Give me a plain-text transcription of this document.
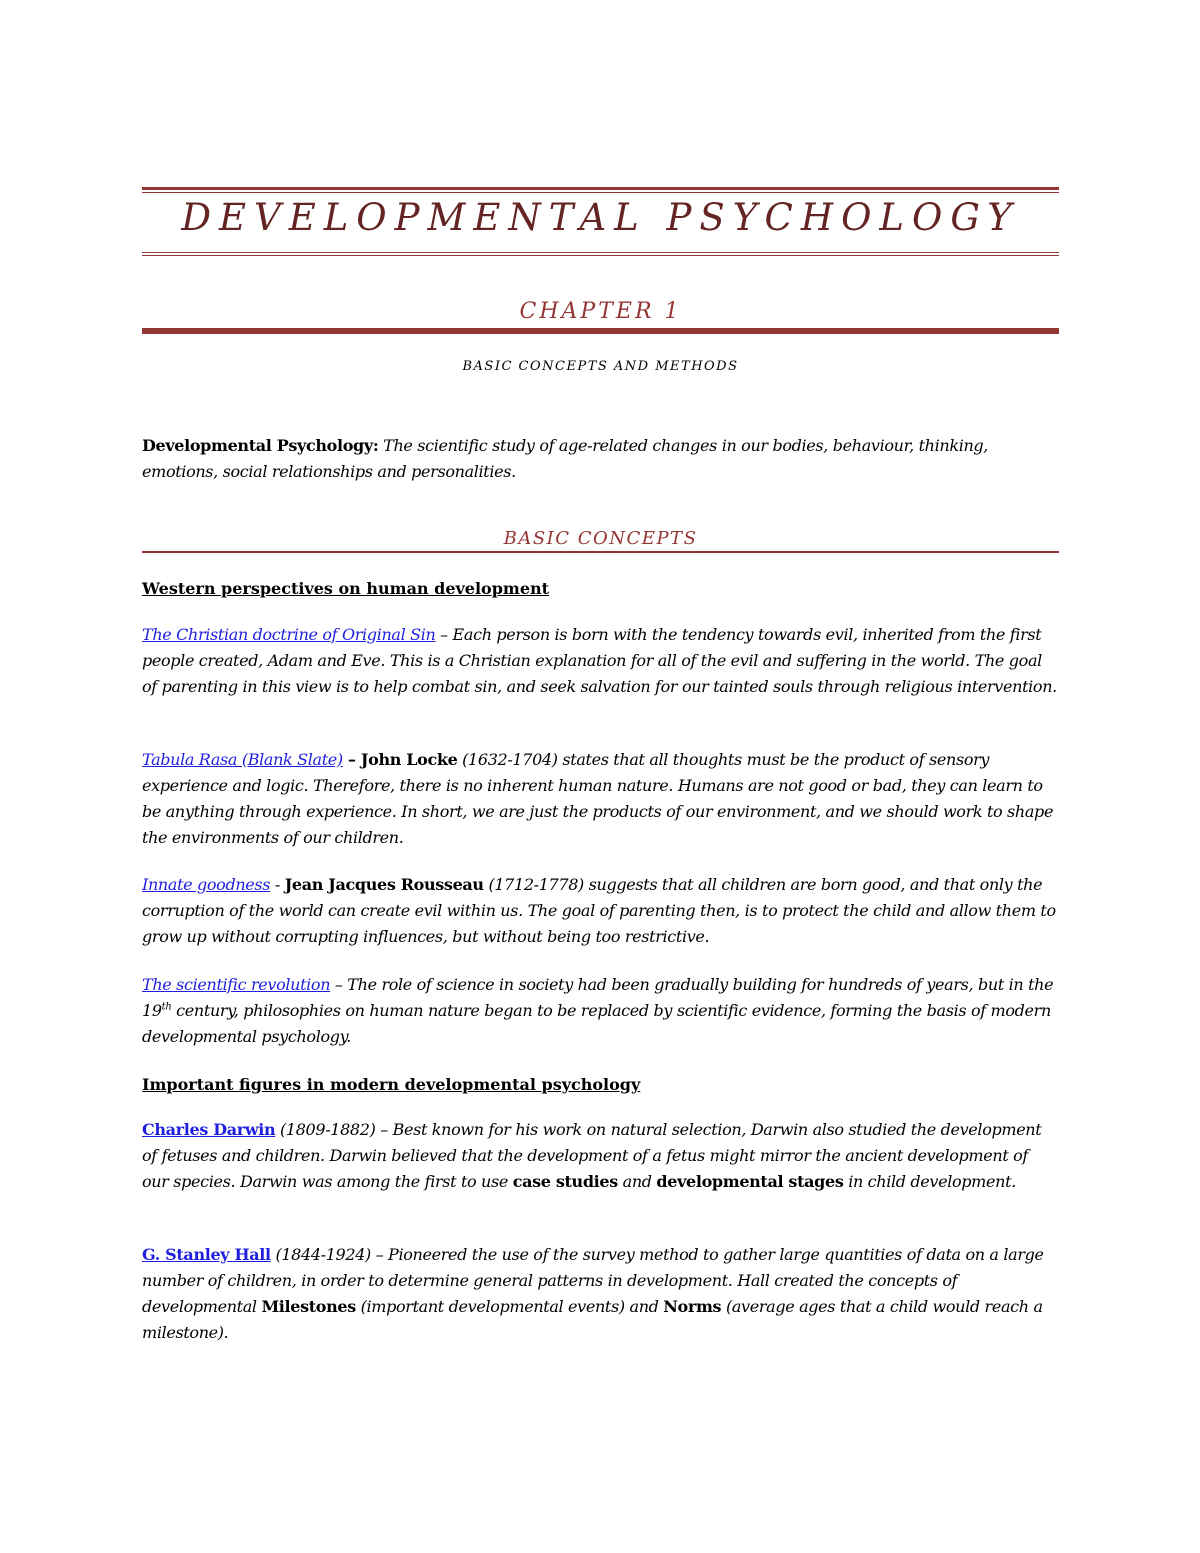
DEVELOPMENTAL PSYCHOLOGY
CHAPTER 1
BASIC CONCEPTS AND METHODS

Developmental Psychology: The scientific study of age-related changes in our bodies, behaviour, thinking, emotions, social relationships and personalities.

BASIC CONCEPTS

Western perspectives on human development

The Christian doctrine of Original Sin – Each person is born with the tendency towards evil, inherited from the first people created, Adam and Eve. This is a Christian explanation for all of the evil and suffering in the world. The goal of parenting in this view is to help combat sin, and seek salvation for our tainted souls through religious intervention.

Tabula Rasa (Blank Slate) – John Locke (1632-1704) states that all thoughts must be the product of sensory experience and logic. Therefore, there is no inherent human nature. Humans are not good or bad, they can learn to be anything through experience. In short, we are just the products of our environment, and we should work to shape the environments of our children.

Innate goodness - Jean Jacques Rousseau (1712-1778) suggests that all children are born good, and that only the corruption of the world can create evil within us. The goal of parenting then, is to protect the child and allow them to grow up without corrupting influences, but without being too restrictive.

The scientific revolution – The role of science in society had been gradually building for hundreds of years, but in the 19th century, philosophies on human nature began to be replaced by scientific evidence, forming the basis of modern developmental psychology.

Important figures in modern developmental psychology

Charles Darwin (1809-1882) – Best known for his work on natural selection, Darwin also studied the development of fetuses and children. Darwin believed that the development of a fetus might mirror the ancient development of our species. Darwin was among the first to use case studies and developmental stages in child development.

G. Stanley Hall (1844-1924) – Pioneered the use of the survey method to gather large quantities of data on a large number of children, in order to determine general patterns in development. Hall created the concepts of developmental Milestones (important developmental events) and Norms (average ages that a child would reach a milestone).
